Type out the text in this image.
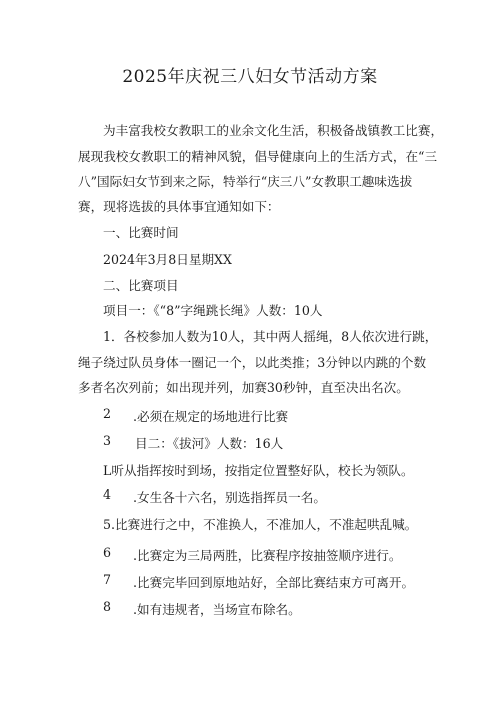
2025年庆祝三八妇女节活动方案
为丰富我校女教职工的业余文化生活，积极备战镇教工比赛，
展现我校女教职工的精神风貌，倡导健康向上的生活方式，在“三
八”国际妇女节到来之际，特举行“庆三八”女教职工趣味选拔
赛，现将选拔的具体事宜通知如下：
一、比赛时间
2024年3月8日星期XX
二、比赛项目
项目一：《“8”字绳跳长绳》人数：10人
1．各校参加人数为10人，其中两人摇绳，8人依次进行跳，
绳子绕过队员身体一圈记一个，以此类推；3分钟以内跳的个数
多者名次列前；如出现并列，加赛30秒钟，直至决出名次。
2 .必须在规定的场地进行比赛
3 目二：《拔河》人数：16人
L听从指挥按时到场，按指定位置整好队，校长为领队。
4 .女生各十六名，别选指挥员一名。
5.比赛进行之中，不准换人，不准加人，不准起哄乱喊。
6 .比赛定为三局两胜，比赛程序按抽签顺序进行。
7 .比赛完毕回到原地站好，全部比赛结束方可离开。
8 .如有违规者，当场宣布除名。
